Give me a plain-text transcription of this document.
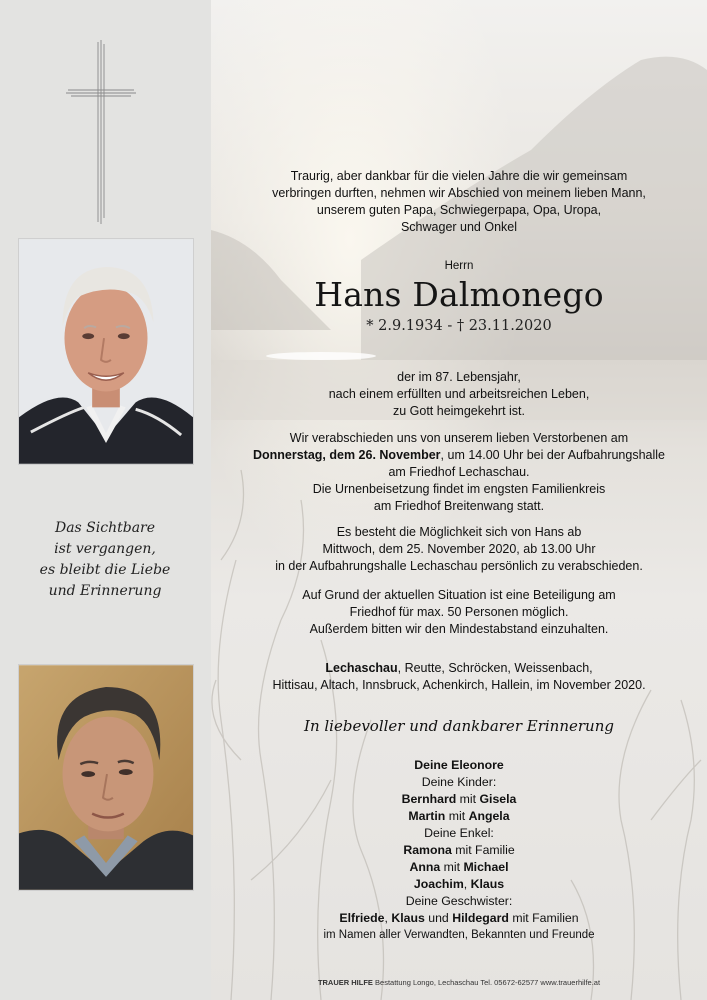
Das Sichtbare
ist vergangen,
es bleibt die Liebe
und Erinnerung
Traurig, aber dankbar für die vielen Jahre die wir gemeinsam
verbringen durften, nehmen wir Abschied von meinem lieben Mann,
unserem guten Papa, Schwiegerpapa, Opa, Uropa,
Schwager und Onkel
Herrn
Hans Dalmonego
* 2.9.1934 - † 23.11.2020
der im 87. Lebensjahr,
nach einem erfüllten und arbeitsreichen Leben,
zu Gott heimgekehrt ist.
Wir verabschieden uns von unserem lieben Verstorbenen am
Donnerstag, dem 26. November, um 14.00 Uhr bei der Aufbahrungshalle
am Friedhof Lechaschau.
Die Urnenbeisetzung findet im engsten Familienkreis
am Friedhof Breitenwang statt.
Es besteht die Möglichkeit sich von Hans ab
Mittwoch, dem 25. November 2020, ab 13.00 Uhr
in der Aufbahrungshalle Lechaschau persönlich zu verabschieden.
Auf Grund der aktuellen Situation ist eine Beteiligung am
Friedhof für max. 50 Personen möglich.
Außerdem bitten wir den Mindestabstand einzuhalten.
Lechaschau, Reutte, Schröcken, Weissenbach,
Hittisau, Altach, Innsbruck, Achenkirch, Hallein, im November 2020.
In liebevoller und dankbarer Erinnerung
Deine Eleonore
Deine Kinder:
Bernhard mit Gisela
Martin mit Angela
Deine Enkel:
Ramona mit Familie
Anna mit Michael
Joachim, Klaus
Deine Geschwister:
Elfriede, Klaus und Hildegard mit Familien
im Namen aller Verwandten, Bekannten und Freunde
TRAUER HILFE Bestattung Longo, Lechaschau Tel. 05672-62577 www.trauerhilfe.at
